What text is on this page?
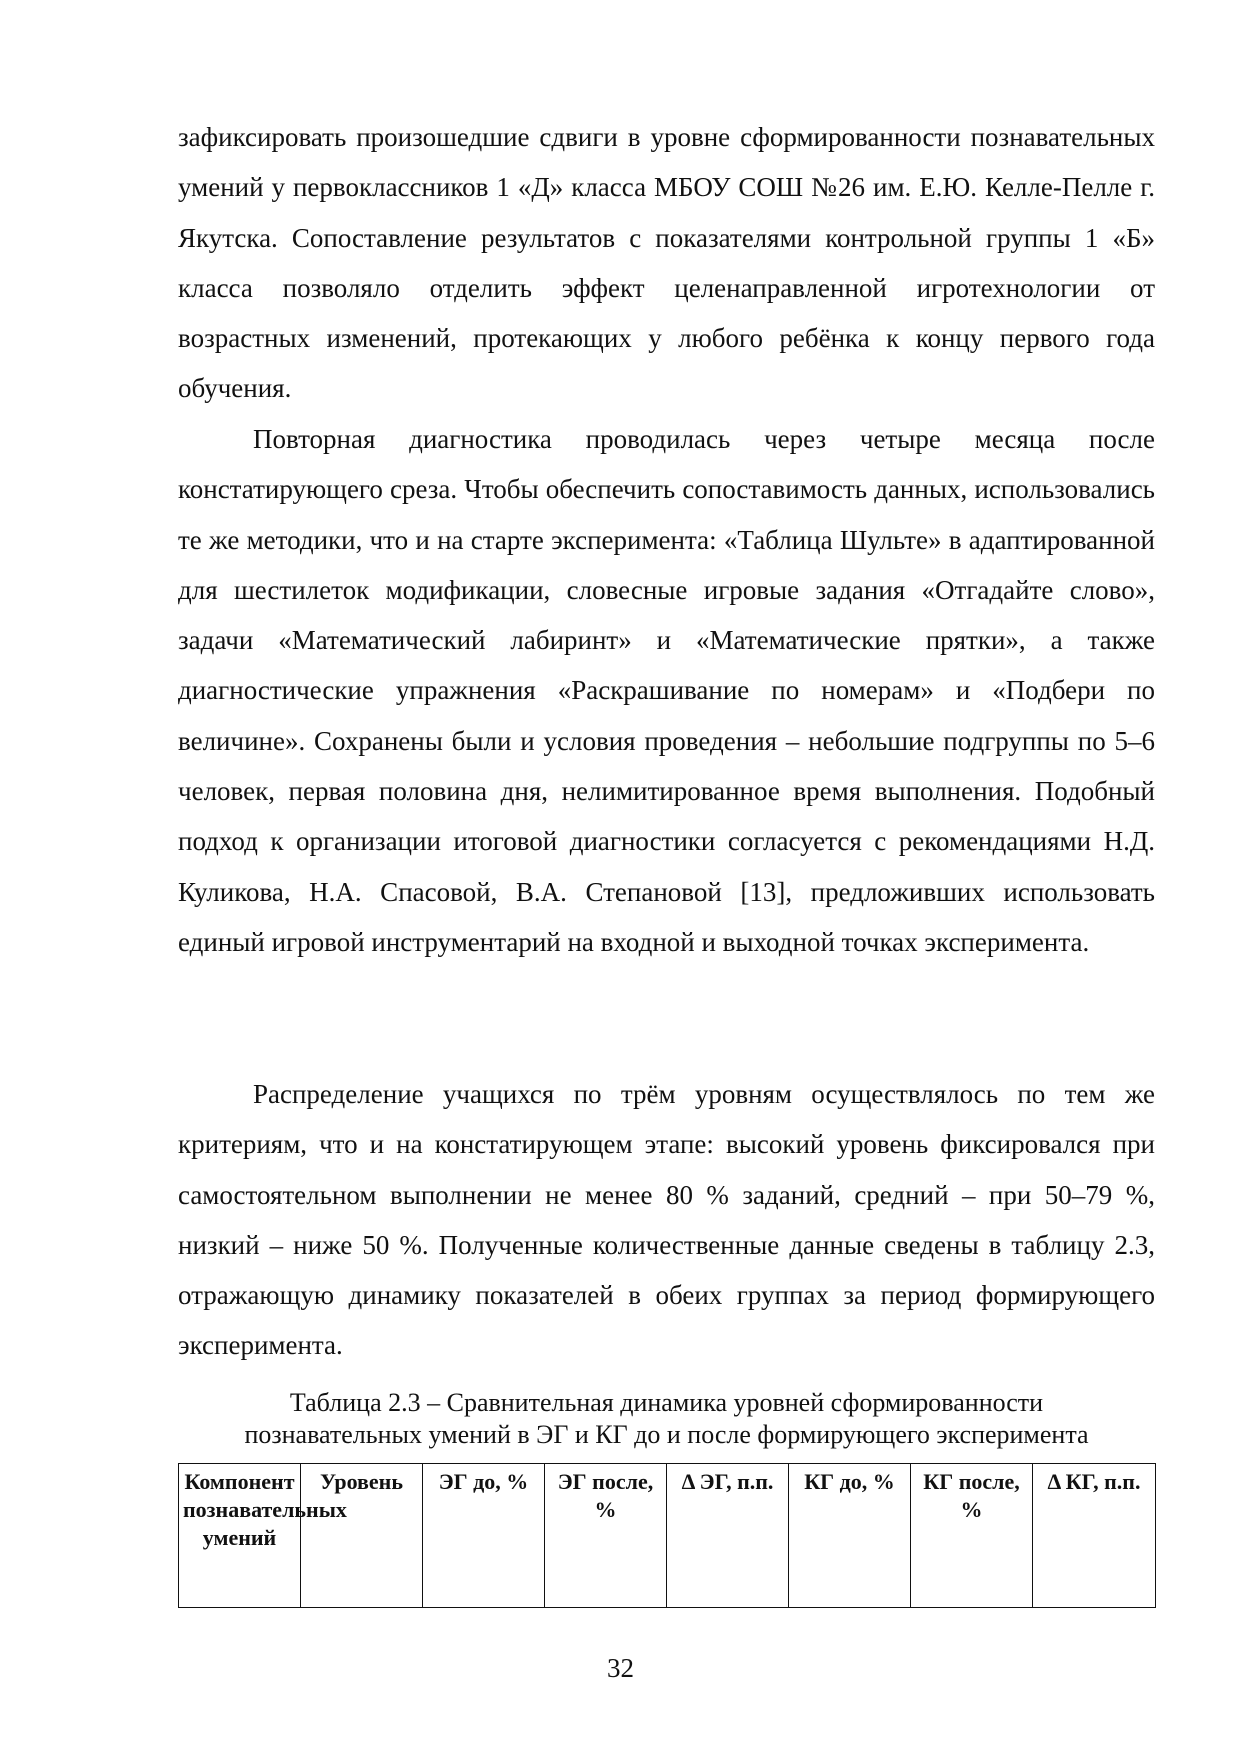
зафиксировать произошедшие сдвиги в уровне сформированности познавательных умений у первоклассников 1 «Д» класса МБОУ СОШ №26 им. Е.Ю. Келле-Пелле г. Якутска. Сопоставление результатов с показателями контрольной группы 1 «Б» класса позволяло отделить эффект целенаправленной игротехнологии от возрастных изменений, протекающих у любого ребёнка к концу первого года обучения.

Повторная диагностика проводилась через четыре месяца после констатирующего среза. Чтобы обеспечить сопоставимость данных, использовались те же методики, что и на старте эксперимента: «Таблица Шульте» в адаптированной для шестилеток модификации, словесные игровые задания «Отгадайте слово», задачи «Математический лабиринт» и «Математические прятки», а также диагностические упражнения «Раскрашивание по номерам» и «Подбери по величине». Сохранены были и условия проведения – небольшие подгруппы по 5–6 человек, первая половина дня, нелимитированное время выполнения. Подобный подход к организации итоговой диагностики согласуется с рекомендациями Н.Д. Куликова, Н.А. Спасовой, В.А. Степановой [13], предложивших использовать единый игровой инструментарий на входной и выходной точках эксперимента.

Распределение учащихся по трём уровням осуществлялось по тем же критериям, что и на констатирующем этапе: высокий уровень фиксировался при самостоятельном выполнении не менее 80 % заданий, средний – при 50–79 %, низкий – ниже 50 %. Полученные количественные данные сведены в таблицу 2.3, отражающую динамику показателей в обеих группах за период формирующего эксперимента.

Таблица 2.3 – Сравнительная динамика уровней сформированности
познавательных умений в ЭГ и КГ до и после формирующего эксперимента
Компонент познавательных умений	Уровень	ЭГ до, %	ЭГ после, %	Δ ЭГ, п.п.	КГ до, %	КГ после, %	Δ КГ, п.п.
32
